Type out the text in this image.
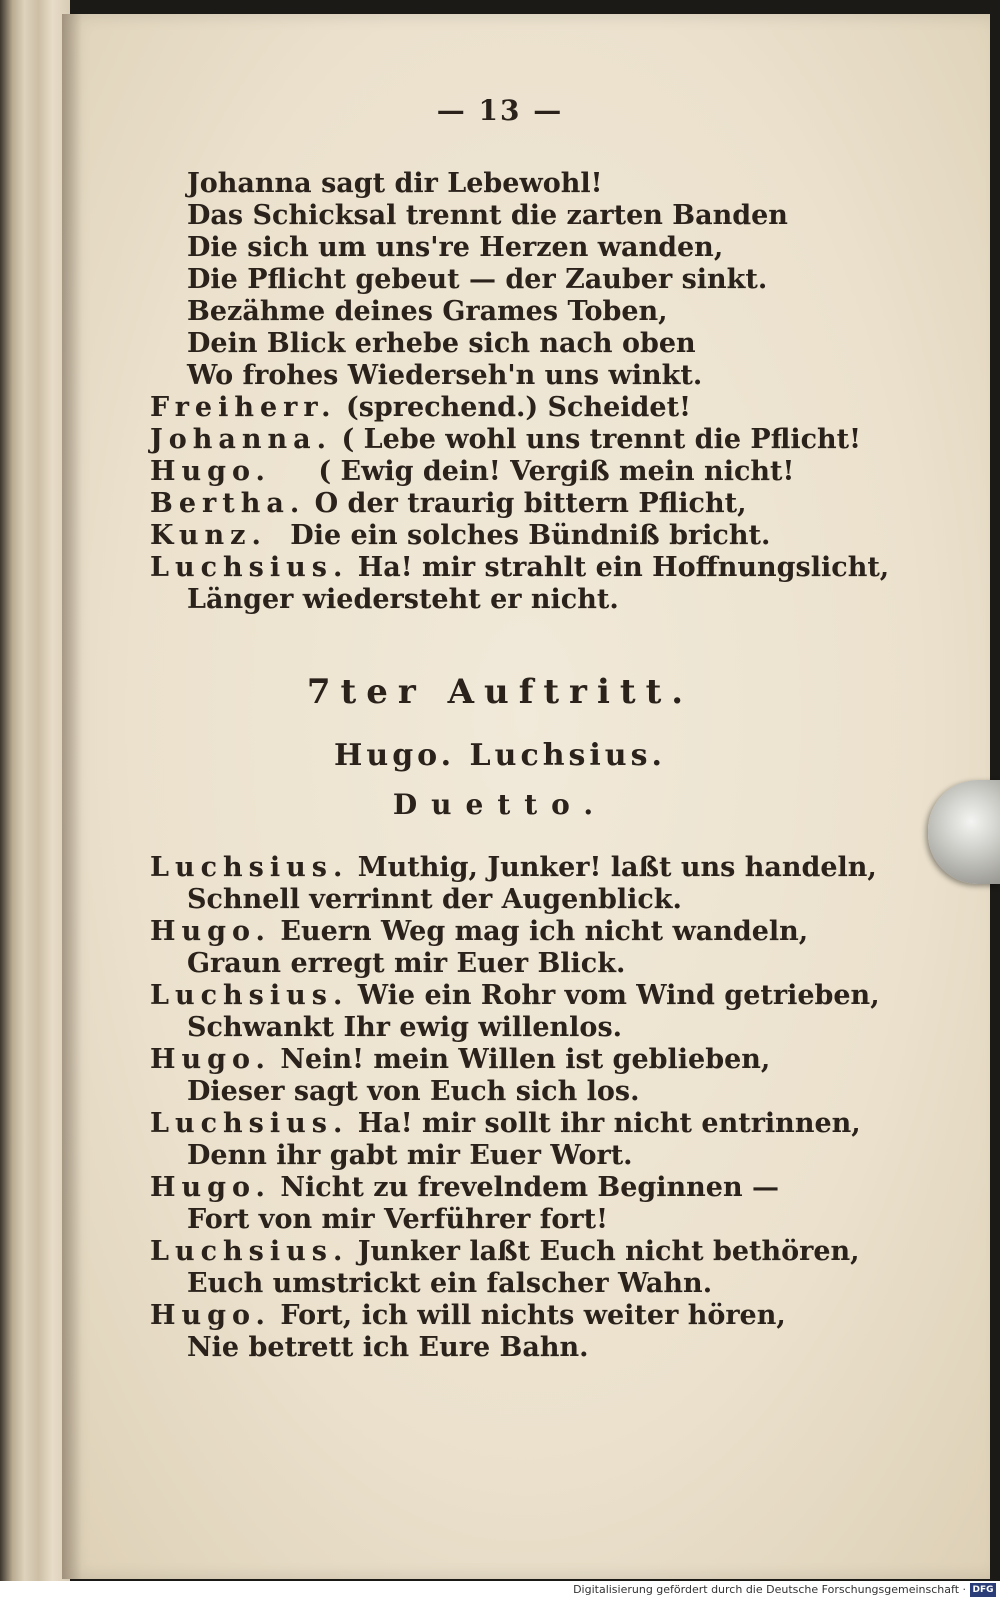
— 13 —
Johanna sagt dir Lebewohl!
Das Schicksal trennt die zarten Banden
Die sich um uns're Herzen wanden,
Die Pflicht gebeut — der Zauber sinkt.
Bezähme deines Grames Toben,
Dein Blick erhebe sich nach oben
Wo frohes Wiederseh'n uns winkt.
Freiherr. (sprechend.) Scheidet!
Johanna. ( Lebe wohl uns trennt die Pflicht!
Hugo. ( Ewig dein! Vergiß mein nicht!
Bertha. O der traurig bittern Pflicht,
Kunz. Die ein solches Bündniß bricht.
Luchsius. Ha! mir strahlt ein Hoffnungslicht,
Länger wiedersteht er nicht.
7ter Auftritt.
Hugo. Luchsius.
Duetto.
Luchsius. Muthig, Junker! laßt uns handeln,
Schnell verrinnt der Augenblick.
Hugo. Euern Weg mag ich nicht wandeln,
Graun erregt mir Euer Blick.
Luchsius. Wie ein Rohr vom Wind getrieben,
Schwankt Ihr ewig willenlos.
Hugo. Nein! mein Willen ist geblieben,
Dieser sagt von Euch sich los.
Luchsius. Ha! mir sollt ihr nicht entrinnen,
Denn ihr gabt mir Euer Wort.
Hugo. Nicht zu frevelndem Beginnen —
Fort von mir Verführer fort!
Luchsius. Junker laßt Euch nicht bethören,
Euch umstrickt ein falscher Wahn.
Hugo. Fort, ich will nichts weiter hören,
Nie betrett ich Eure Bahn.
Digitalisierung gefördert durch die Deutsche Forschungsgemeinschaft · DFG
